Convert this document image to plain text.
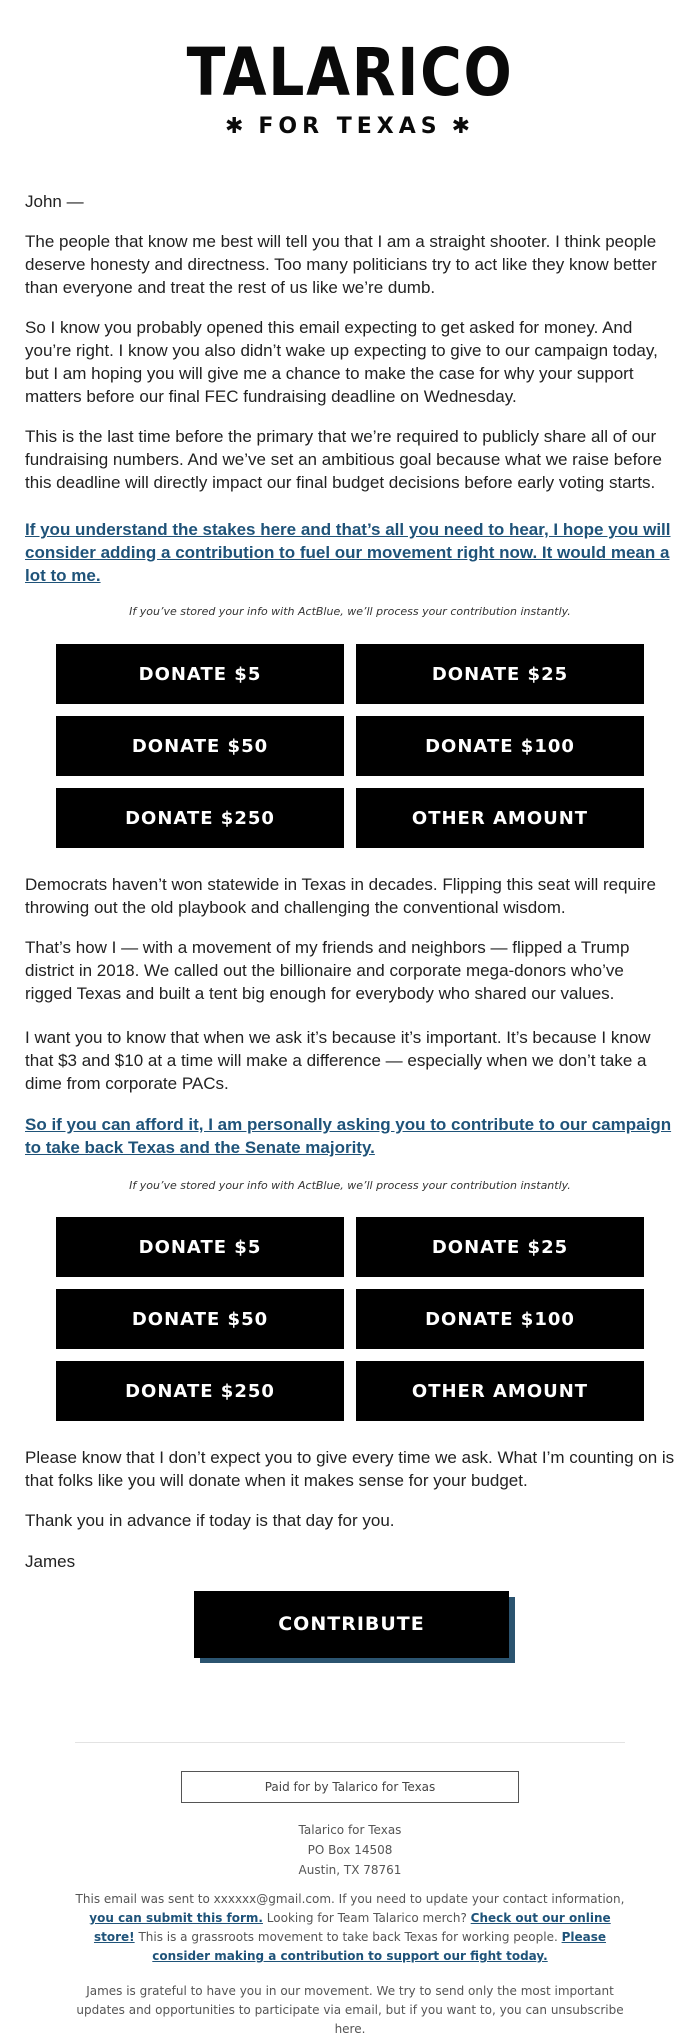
TALARICO
✱ FOR TEXAS ✱

John —

The people that know me best will tell you that I am a straight shooter. I think people deserve honesty and directness. Too many politicians try to act like they know better than everyone and treat the rest of us like we’re dumb.

So I know you probably opened this email expecting to get asked for money. And you’re right. I know you also didn’t wake up expecting to give to our campaign today, but I am hoping you will give me a chance to make the case for why your support matters before our final FEC fundraising deadline on Wednesday.

This is the last time before the primary that we’re required to publicly share all of our fundraising numbers. And we’ve set an ambitious goal because what we raise before this deadline will directly impact our final budget decisions before early voting starts.

If you understand the stakes here and that’s all you need to hear, I hope you will consider adding a contribution to fuel our movement right now. It would mean a lot to me.
If you’ve stored your info with ActBlue, we’ll process your contribution instantly.

Democrats haven’t won statewide in Texas in decades. Flipping this seat will require throwing out the old playbook and challenging the conventional wisdom.

That’s how I — with a movement of my friends and neighbors — flipped a Trump district in 2018. We called out the billionaire and corporate mega-donors who’ve rigged Texas and built a tent big enough for everybody who shared our values.

I want you to know that when we ask it’s because it’s important. It’s because I know that $3 and $10 at a time will make a difference — especially when we don’t take a dime from corporate PACs.

So if you can afford it, I am personally asking you to contribute to our campaign to take back Texas and the Senate majority.
If you’ve stored your info with ActBlue, we’ll process your contribution instantly.

Please know that I don’t expect you to give every time we ask. What I’m counting on is that folks like you will donate when it makes sense for your budget.

Thank you in advance if today is that day for you.

James

DONATE $5	DONATE $25
DONATE $50	DONATE $100
DONATE $250	OTHER AMOUNT
DONATE $5	DONATE $25
DONATE $50	DONATE $100
DONATE $250	OTHER AMOUNT
CONTRIBUTE
Paid for by Talarico for Texas
Talarico for Texas
PO Box 14508
Austin, TX 78761
This email was sent to xxxxxx@gmail.com. If you need to update your contact information, you can submit this form. Looking for Team Talarico merch? Check out our online store! This is a grassroots movement to take back Texas for working people. Please consider making a contribution to support our fight today.
James is grateful to have you in our movement. We try to send only the most important updates and opportunities to participate via email, but if you want to, you can unsubscribe here.
